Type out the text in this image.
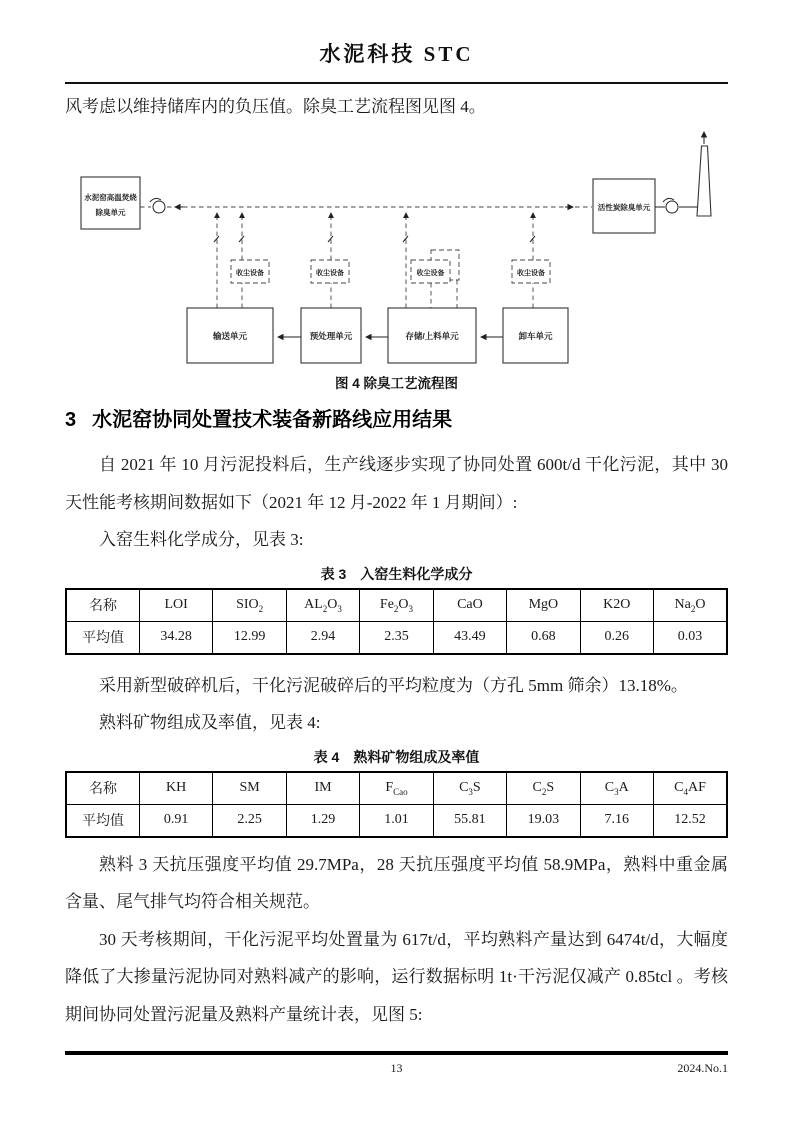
水泥科技 STC
风考虑以维持储库内的负压值。除臭工艺流程图见图 4。
水泥窑高温焚烧
除臭单元
收尘设备	收尘设备	收尘设备	收尘设备
输送单元	预处理单元	存储/上料单元	卸车单元
活性炭除臭单元
图 4 除臭工艺流程图
3 水泥窑协同处置技术装备新路线应用结果

自 2021 年 10 月污泥投料后，生产线逐步实现了协同处置 600t/d 干化污泥，其中 30 天性能考核期间数据如下（2021 年 12 月-2022 年 1 月期间）:

入窑生料化学成分，见表 3:

表 3　入窑生料化学成分
名称	LOI	$SIO_2$	$AL_2O_3$	$Fe_2O_3$	CaO	MgO	K2O	$Na_2O$
平均值	34.28	12.99	2.94	2.35	43.49	0.68	0.26	0.03

采用新型破碎机后，干化污泥破碎后的平均粒度为（方孔 5mm 筛余）13.18%。

熟料矿物组成及率值，见表 4:

表 4　熟料矿物组成及率值
名称	KH	SM	IM	$F_{Cao}$	$C_3S$	$C_2S$	$C_3A$	$C_4AF$
平均值	0.91	2.25	1.29	1.01	55.81	19.03	7.16	12.52

熟料 3 天抗压强度平均值 29.7MPa，28 天抗压强度平均值 58.9MPa，熟料中重金属含量、尾气排气均符合相关规范。

30 天考核期间，干化污泥平均处置量为 617t/d，平均熟料产量达到 6474t/d，大幅度降低了大掺量污泥协同对熟料减产的影响，运行数据标明 1t·干污泥仅减产 0.85tcl 。考核期间协同处置污泥量及熟料产量统计表，见图 5:

13	2024.No.1
